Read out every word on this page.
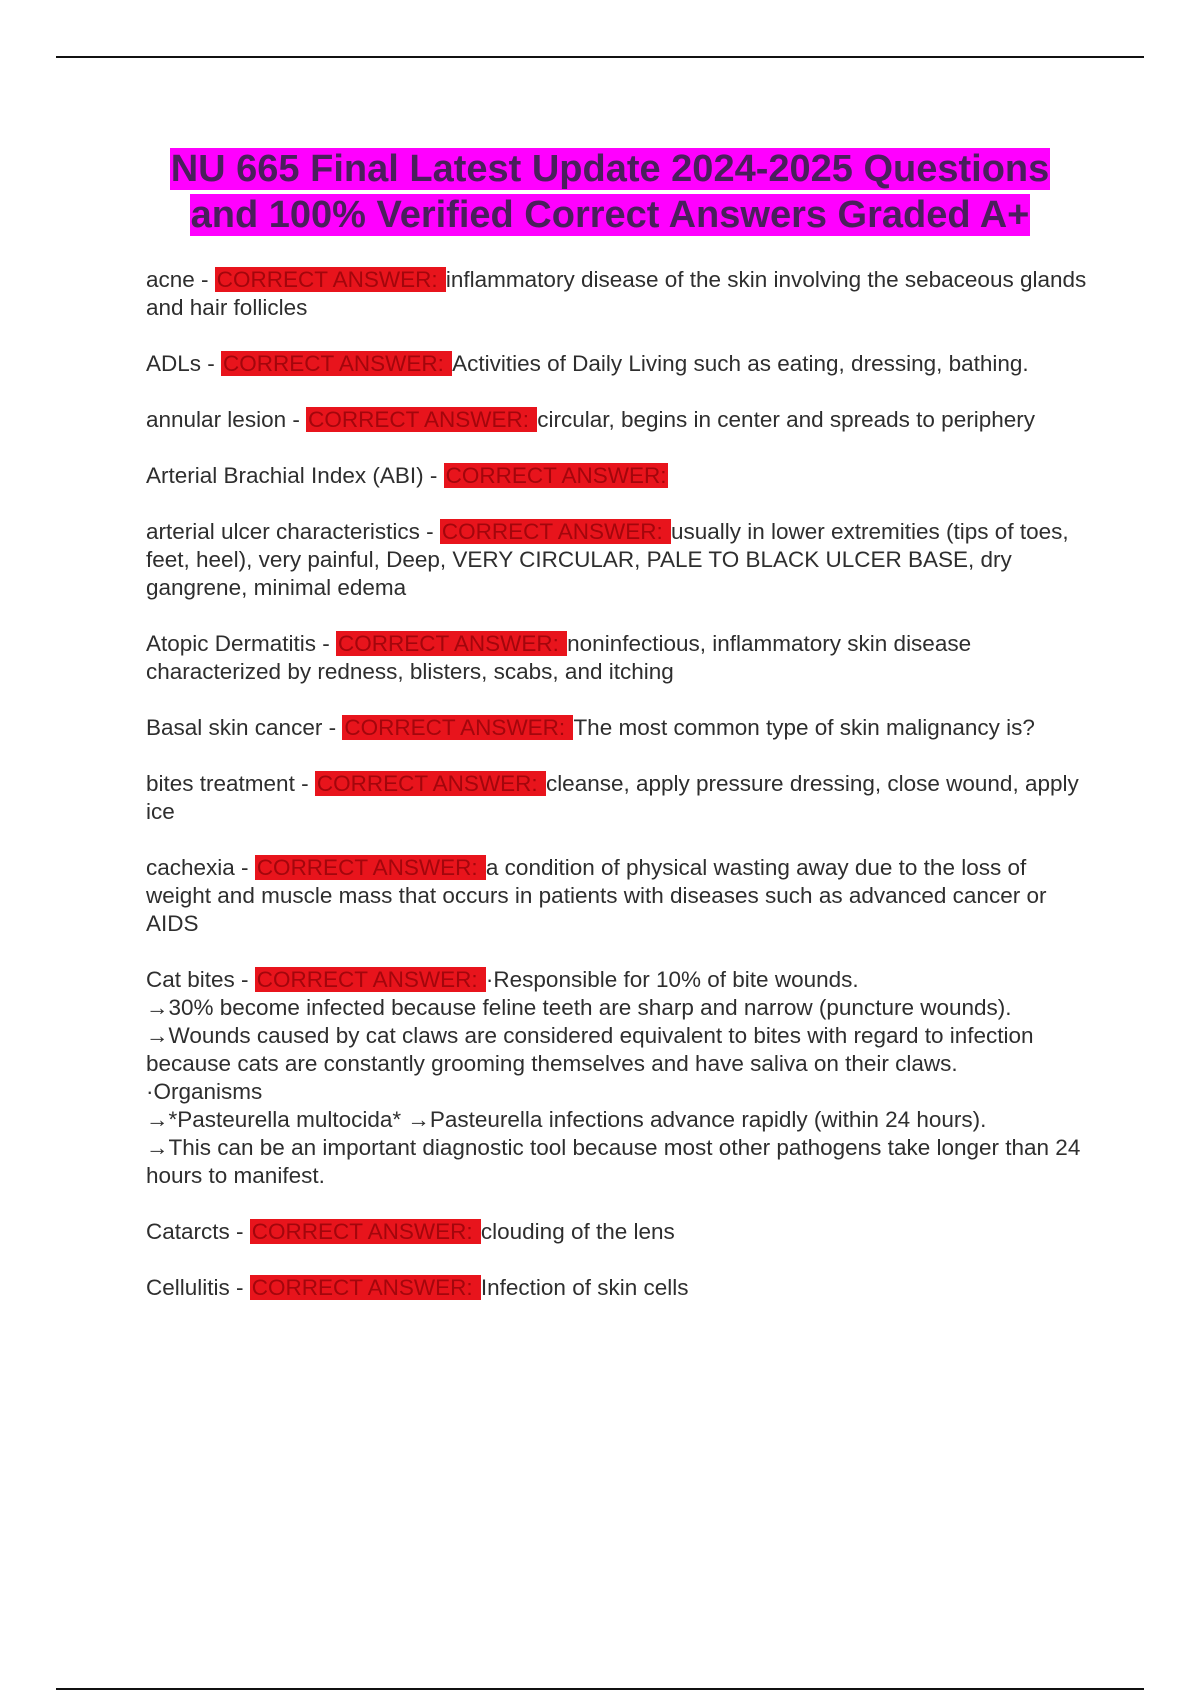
NU 665 Final Latest Update 2024-2025 Questions and 100% Verified Correct Answers Graded A+

acne - CORRECT ANSWER: inflammatory disease of the skin involving the sebaceous glands and hair follicles

ADLs - CORRECT ANSWER: Activities of Daily Living such as eating, dressing, bathing.

annular lesion - CORRECT ANSWER: circular, begins in center and spreads to periphery

Arterial Brachial Index (ABI) - CORRECT ANSWER:

arterial ulcer characteristics - CORRECT ANSWER: usually in lower extremities (tips of toes, feet, heel), very painful, Deep, VERY CIRCULAR, PALE TO BLACK ULCER BASE, dry gangrene, minimal edema

Atopic Dermatitis - CORRECT ANSWER: noninfectious, inflammatory skin disease characterized by redness, blisters, scabs, and itching

Basal skin cancer - CORRECT ANSWER: The most common type of skin malignancy is?

bites treatment - CORRECT ANSWER: cleanse, apply pressure dressing, close wound, apply ice

cachexia - CORRECT ANSWER: a condition of physical wasting away due to the loss of weight and muscle mass that occurs in patients with diseases such as advanced cancer or AIDS

Cat bites - CORRECT ANSWER: ·Responsible for 10% of bite wounds.
→30% become infected because feline teeth are sharp and narrow (puncture wounds).
→Wounds caused by cat claws are considered equivalent to bites with regard to infection because cats are constantly grooming themselves and have saliva on their claws.
·Organisms
→*Pasteurella multocida* →Pasteurella infections advance rapidly (within 24 hours).
→This can be an important diagnostic tool because most other pathogens take longer than 24 hours to manifest.

Catarcts - CORRECT ANSWER: clouding of the lens

Cellulitis - CORRECT ANSWER: Infection of skin cells
